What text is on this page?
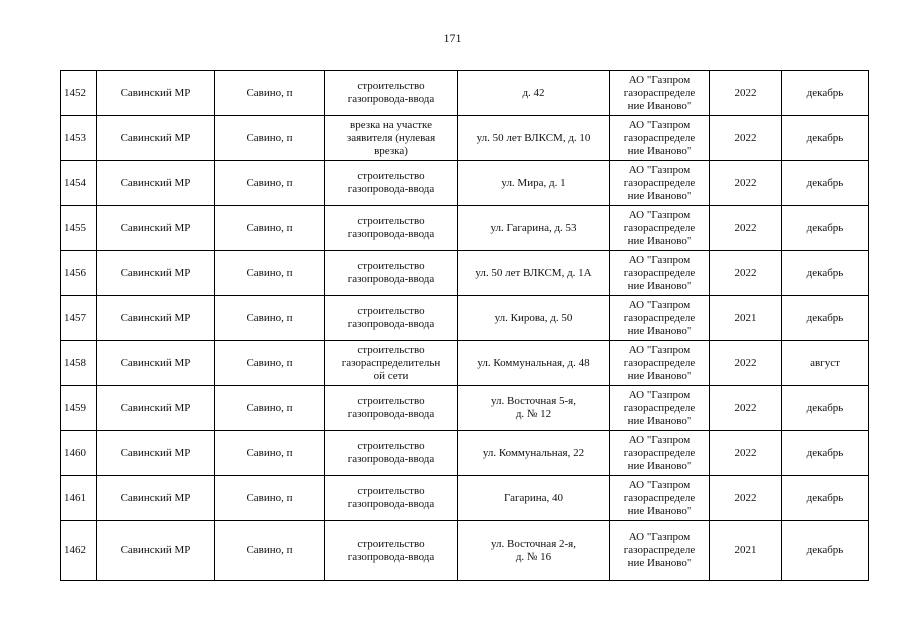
171
1452	Савинский МР	Савино, п	строительство
газопровода-ввода	д. 42	АО "Газпром
газораспределе
ние Иваново"	2022	декабрь
1453	Савинский МР	Савино, п	врезка на участке
заявителя (нулевая
врезка)	ул. 50 лет ВЛКСМ, д. 10	АО "Газпром
газораспределе
ние Иваново"	2022	декабрь
1454	Савинский МР	Савино, п	строительство
газопровода-ввода	ул. Мира, д. 1	АО "Газпром
газораспределе
ние Иваново"	2022	декабрь
1455	Савинский МР	Савино, п	строительство
газопровода-ввода	ул. Гагарина, д. 53	АО "Газпром
газораспределе
ние Иваново"	2022	декабрь
1456	Савинский МР	Савино, п	строительство
газопровода-ввода	ул. 50 лет ВЛКСМ, д. 1А	АО "Газпром
газораспределе
ние Иваново"	2022	декабрь
1457	Савинский МР	Савино, п	строительство
газопровода-ввода	ул. Кирова, д. 50	АО "Газпром
газораспределе
ние Иваново"	2021	декабрь
1458	Савинский МР	Савино, п	строительство
газораспределительн
ой сети	ул. Коммунальная, д. 48	АО "Газпром
газораспределе
ние Иваново"	2022	август
1459	Савинский МР	Савино, п	строительство
газопровода-ввода	ул. Восточная 5-я,
д. № 12	АО "Газпром
газораспределе
ние Иваново"	2022	декабрь
1460	Савинский МР	Савино, п	строительство
газопровода-ввода	ул. Коммунальная, 22	АО "Газпром
газораспределе
ние Иваново"	2022	декабрь
1461	Савинский МР	Савино, п	строительство
газопровода-ввода	Гагарина, 40	АО "Газпром
газораспределе
ние Иваново"	2022	декабрь
1462	Савинский МР	Савино, п	строительство
газопровода-ввода	ул. Восточная 2-я,
д. № 16	АО "Газпром
газораспределе
ние Иваново"	2021	декабрь
